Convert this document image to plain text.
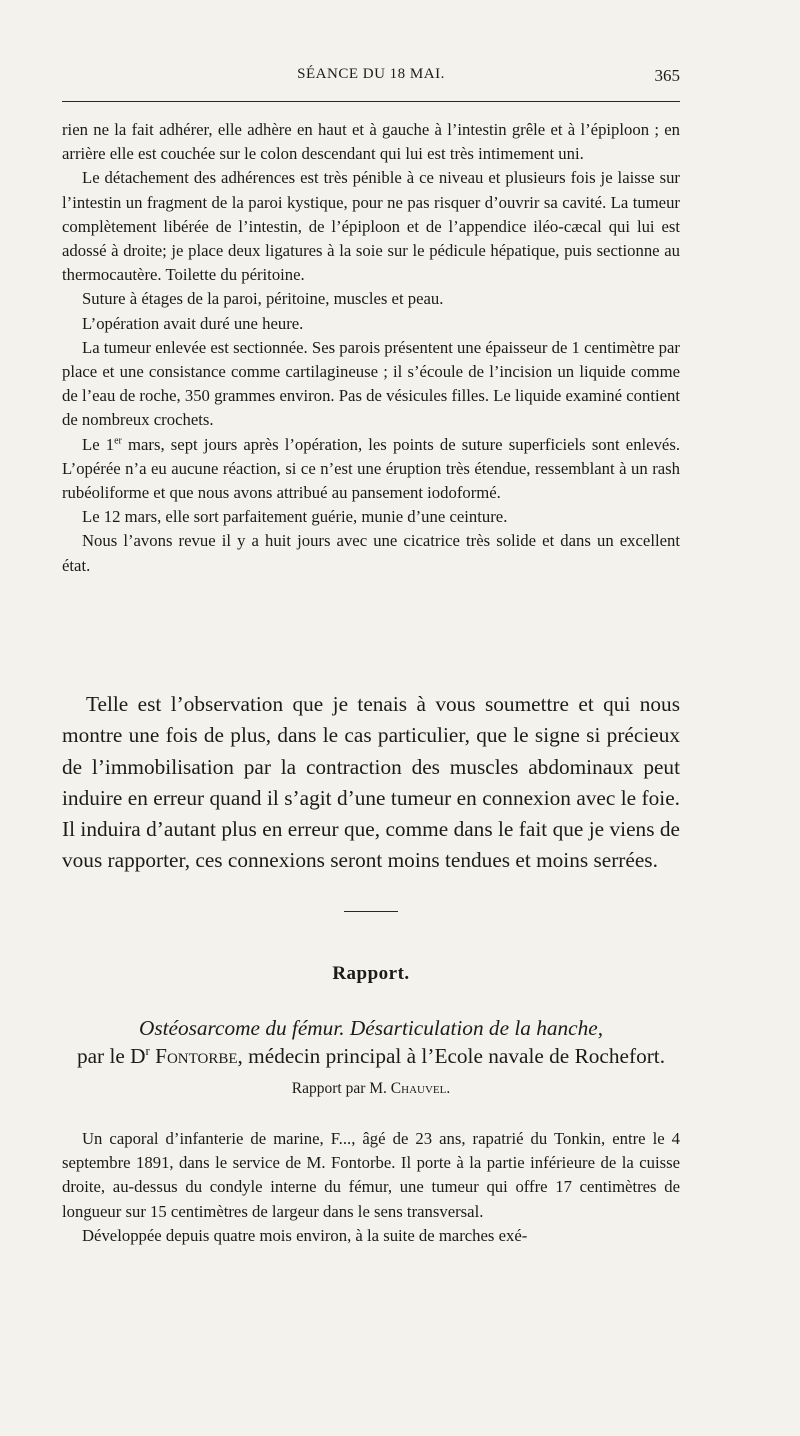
SÉANCE DU 18 MAI.	365

rien ne la fait adhérer, elle adhère en haut et à gauche à l’intestin grêle et à l’épiploon ; en arrière elle est couchée sur le colon descendant qui lui est très intimement uni.

Le détachement des adhérences est très pénible à ce niveau et plusieurs fois je laisse sur l’intestin un fragment de la paroi kystique, pour ne pas risquer d’ouvrir sa cavité. La tumeur complètement libérée de l’intestin, de l’épiploon et de l’appendice iléo-cæcal qui lui est adossé à droite; je place deux ligatures à la soie sur le pédicule hépatique, puis sectionne au thermocautère. Toilette du péritoine.

Suture à étages de la paroi, péritoine, muscles et peau.

L’opération avait duré une heure.

La tumeur enlevée est sectionnée. Ses parois présentent une épaisseur de 1 centimètre par place et une consistance comme cartilagineuse ; il s’écoule de l’incision un liquide comme de l’eau de roche, 350 grammes environ. Pas de vésicules filles. Le liquide examiné contient de nombreux crochets.

Le 1er mars, sept jours après l’opération, les points de suture superficiels sont enlevés. L’opérée n’a eu aucune réaction, si ce n’est une éruption très étendue, ressemblant à un rash rubéoliforme et que nous avons attribué au pansement iodoformé.

Le 12 mars, elle sort parfaitement guérie, munie d’une ceinture.

Nous l’avons revue il y a huit jours avec une cicatrice très solide et dans un excellent état.

Telle est l’observation que je tenais à vous soumettre et qui nous montre une fois de plus, dans le cas particulier, que le signe si précieux de l’immobilisation par la contraction des muscles abdominaux peut induire en erreur quand il s’agit d’une tumeur en connexion avec le foie. Il induira d’autant plus en erreur que, comme dans le fait que je viens de vous rapporter, ces connexions seront moins tendues et moins serrées.

Rapport.
Ostéosarcome du fémur. Désarticulation de la hanche,
par le $D^r$ Fontorbe, médecin principal à l’Ecole navale de Rochefort.
Rapport par M. Chauvel.

Un caporal d’infanterie de marine, F..., âgé de 23 ans, rapatrié du Tonkin, entre le 4 septembre 1891, dans le service de M. Fontorbe. Il porte à la partie inférieure de la cuisse droite, au-dessus du condyle interne du fémur, une tumeur qui offre 17 centimètres de longueur sur 15 centimètres de largeur dans le sens transversal.

Développée depuis quatre mois environ, à la suite de marches exé-
